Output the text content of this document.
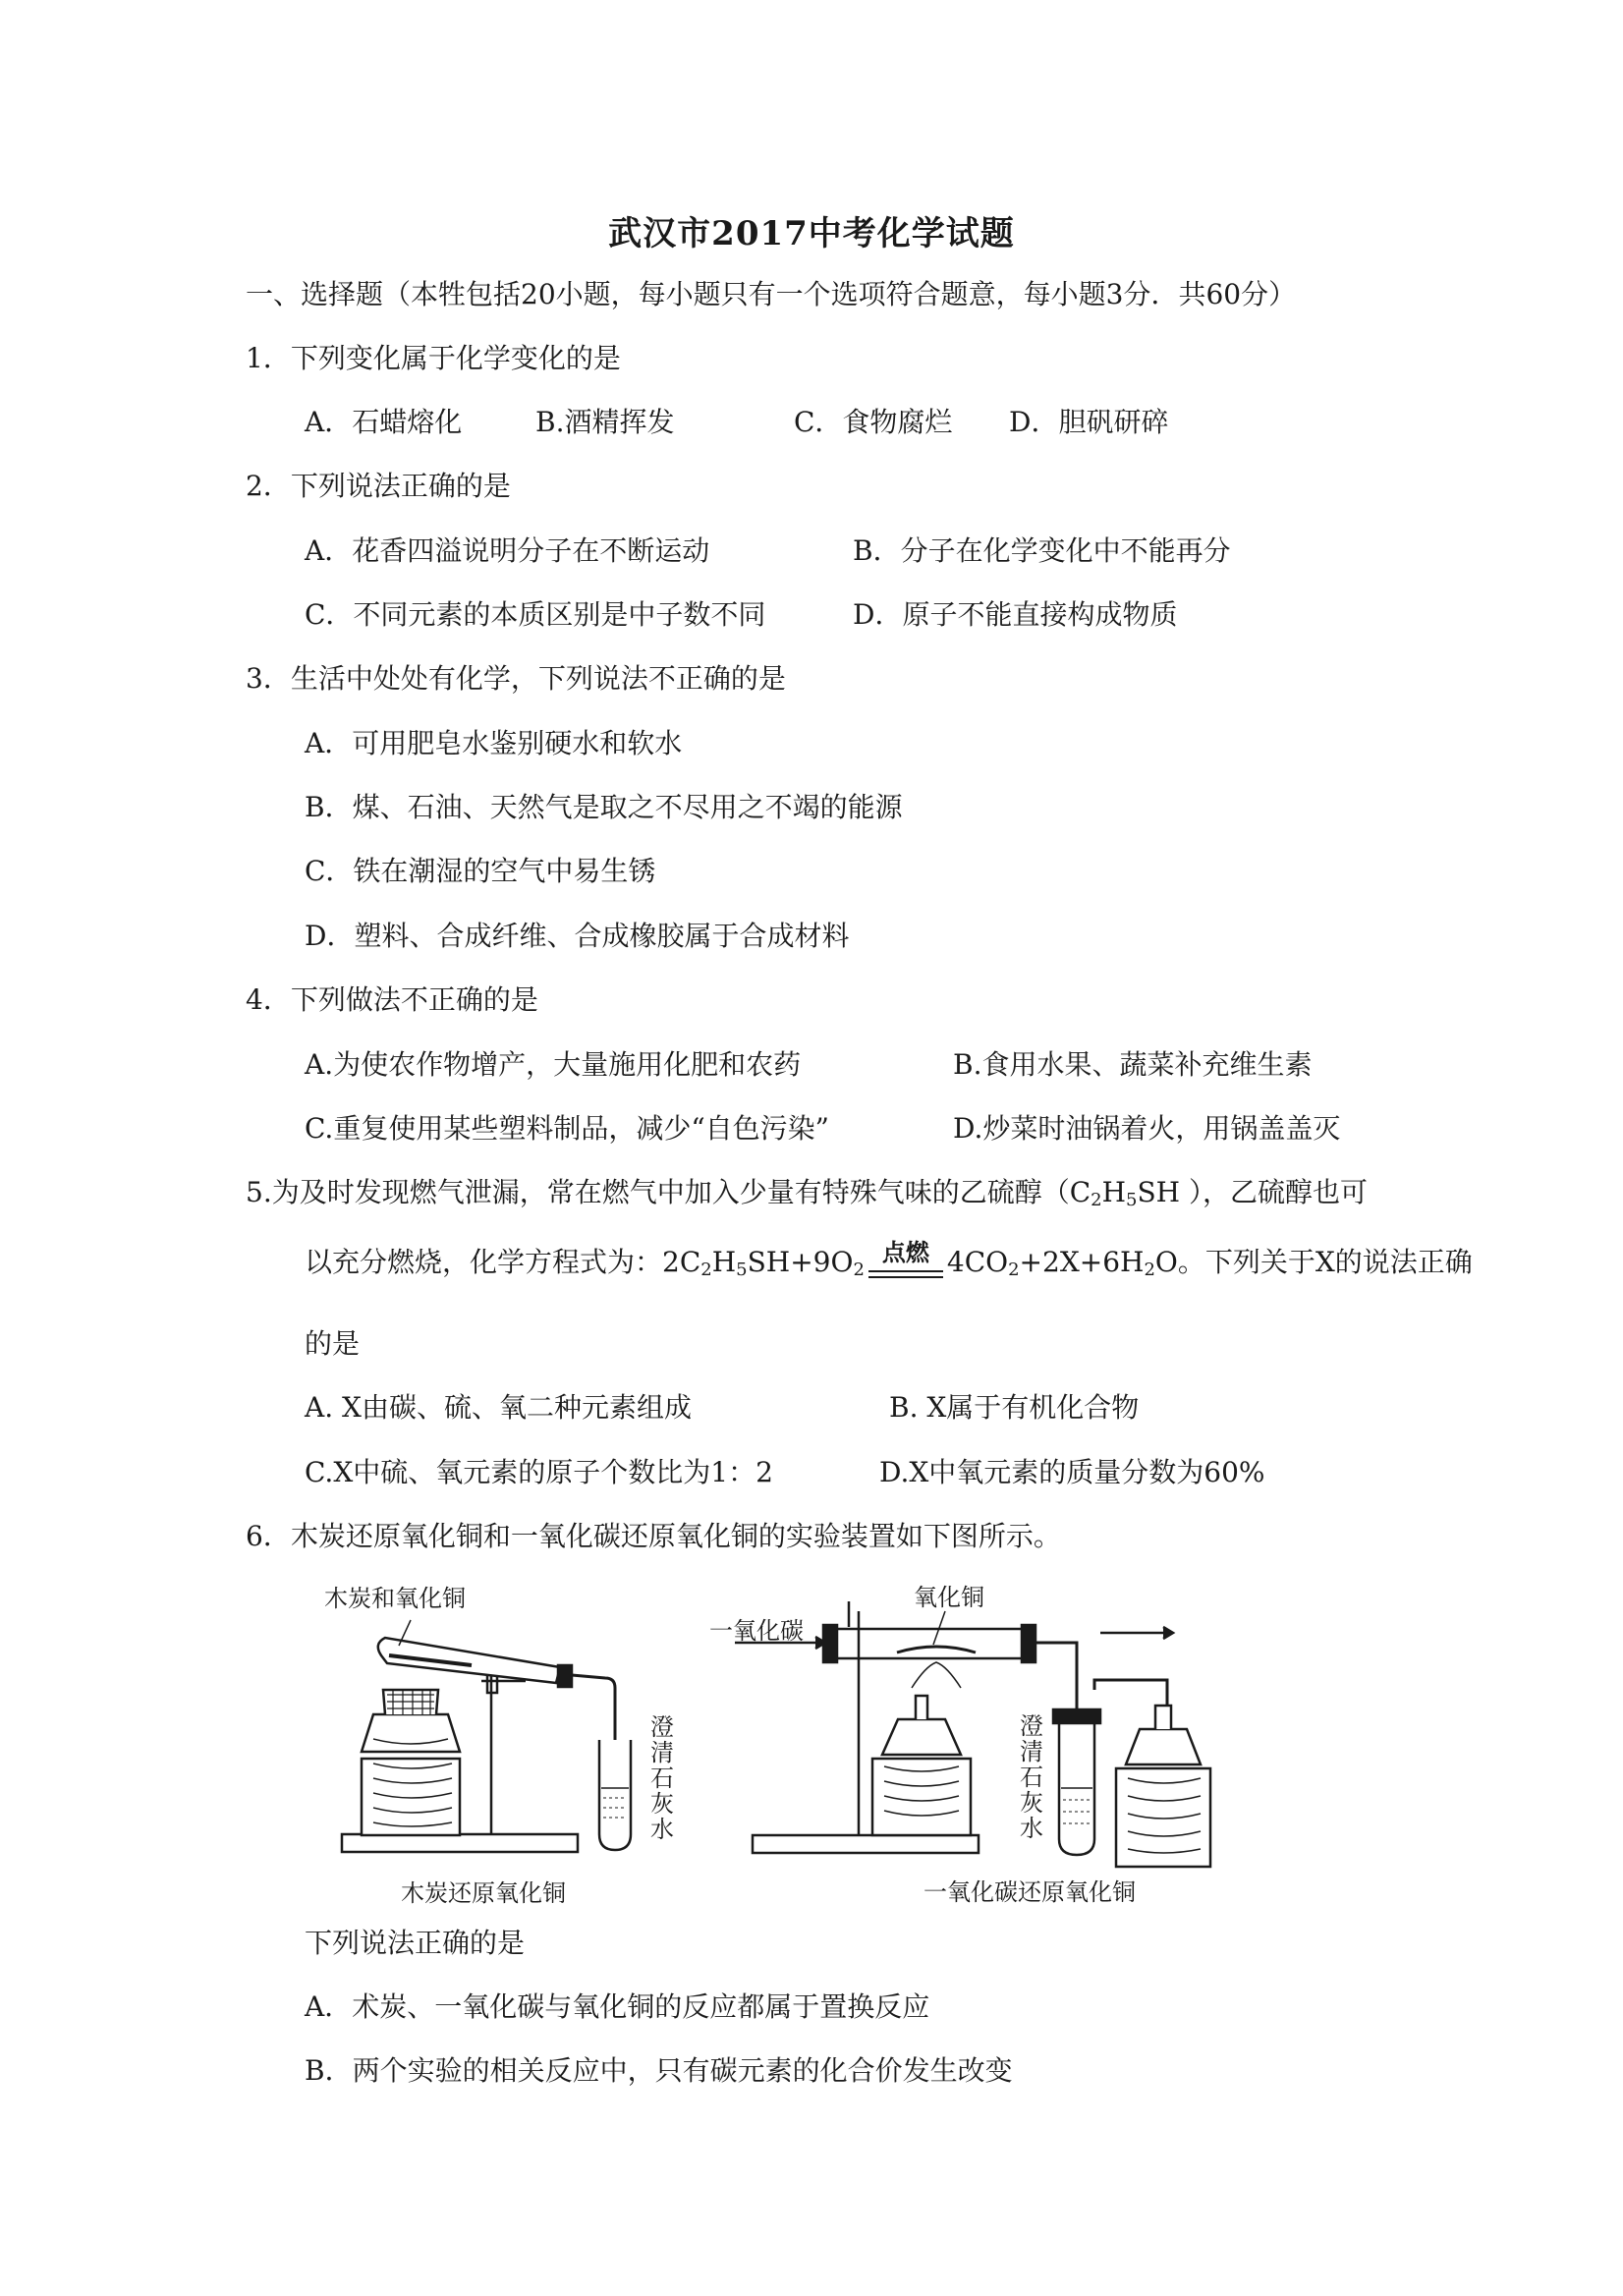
武汉市2017中考化学试题
一、选择题（本牲包括20小题，每小题只有一个选项符合题意，每小题3分．共60分）
1．下列变化属于化学变化的是
A．石蜡熔化	B.酒精挥发	C．食物腐烂 D．胆矾研碎
2．下列说法正确的是
A．花香四溢说明分子在不断运动	B．分子在化学变化中不能再分
C．不同元素的本质区别是中子数不同	D．原子不能直接构成物质
3．生活中处处有化学，下列说法不正确的是
A．可用肥皂水鉴别硬水和软水
B．煤、石油、天然气是取之不尽用之不竭的能源
C．铁在潮湿的空气中易生锈
D．塑料、合成纤维、合成橡胶属于合成材料
4．下列做法不正确的是
A.为使农作物增产，大量施用化肥和农药	B.食用水果、蔬菜补充维生素
C.重复使用某些塑料制品，减少“自色污染”	D.炒菜时油锅着火，用锅盖盖灭
5.为及时发现燃气泄漏，常在燃气中加入少量有特殊气味的乙硫醇（$C_2H_5SH$ ），乙硫醇也可
以充分燃烧，化学方程式为：$2C_2H_5SH+9O_2$
点燃 $4CO_2+2X+6H_2O$。下列关于X的说法正确
的是
A. X由碳、硫、氧二种元素组成	B. X属于有机化合物
C.X中硫、氧元素的原子个数比为1：2	D.X中氧元素的质量分数为60%
6．木炭还原氧化铜和一氧化碳还原氧化铜的实验装置如下图所示。
木炭和氧化铜
澄
清
石
灰
水
木炭还原氧化铜
一氧化碳
氧化铜
澄
清
石
灰
水
一氧化碳还原氧化铜
下列说法正确的是
A．术炭、一氧化碳与氧化铜的反应都属于置换反应
B．两个实验的相关反应中，只有碳元素的化合价发生改变
